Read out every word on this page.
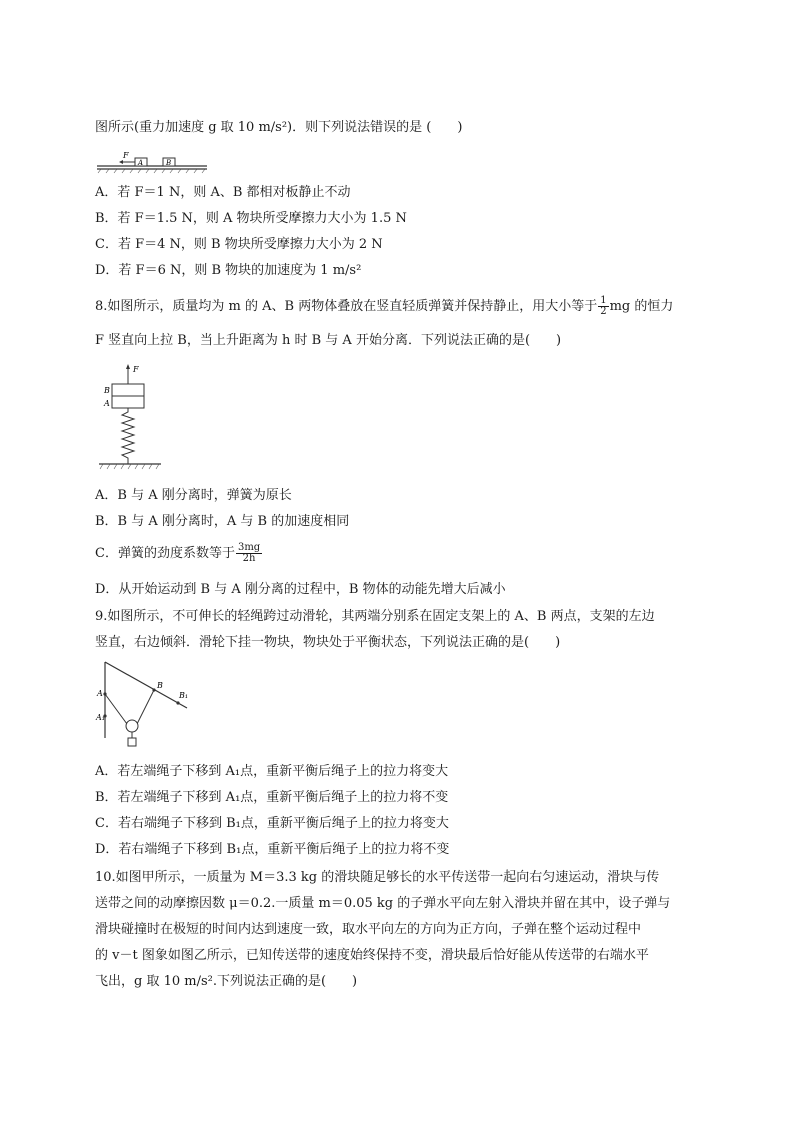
图所示(重力加速度 g 取 10 m/s²)．则下列说法错误的是 (　　)
F
A	B
A．若 F＝1 N，则 A、B 都相对板静止不动
B．若 F＝1.5 N，则 A 物块所受摩擦力大小为 1.5 N
C．若 F＝4 N，则 B 物块所受摩擦力大小为 2 N
D．若 F＝6 N，则 B 物块的加速度为 1 m/s²
8.如图所示，质量均为 m 的 A、B 两物体叠放在竖直轻质弹簧并保持静止，用大小等于 $\frac{1}{2}$ mg 的恒力
F 竖直向上拉 B，当上升距离为 h 时 B 与 A 开始分离．下列说法正确的是(　　)
F
B
A
A．B 与 A 刚分离时，弹簧为原长
B．B 与 A 刚分离时，A 与 B 的加速度相同
C．弹簧的劲度系数等于 $\frac{3mg}{2h}$
D．从开始运动到 B 与 A 刚分离的过程中，B 物体的动能先增大后减小
9.如图所示，不可伸长的轻绳跨过动滑轮，其两端分别系在固定支架上的 A、B 两点，支架的左边
竖直，右边倾斜．滑轮下挂一物块，物块处于平衡状态，下列说法正确的是(　　)
A
A₁
B
B₁
A．若左端绳子下移到 A₁点，重新平衡后绳子上的拉力将变大
B．若左端绳子下移到 A₁点，重新平衡后绳子上的拉力将不变
C．若右端绳子下移到 B₁点，重新平衡后绳子上的拉力将变大
D．若右端绳子下移到 B₁点，重新平衡后绳子上的拉力将不变
10.如图甲所示，一质量为 M＝3.3 kg 的滑块随足够长的水平传送带一起向右匀速运动，滑块与传
送带之间的动摩擦因数 μ＝0.2.一质量 m＝0.05 kg 的子弹水平向左射入滑块并留在其中，设子弹与
滑块碰撞时在极短的时间内达到速度一致，取水平向左的方向为正方向，子弹在整个运动过程中
的 v－t 图象如图乙所示，已知传送带的速度始终保持不变，滑块最后恰好能从传送带的右端水平
飞出，g 取 10 m/s².下列说法正确的是(　　)
